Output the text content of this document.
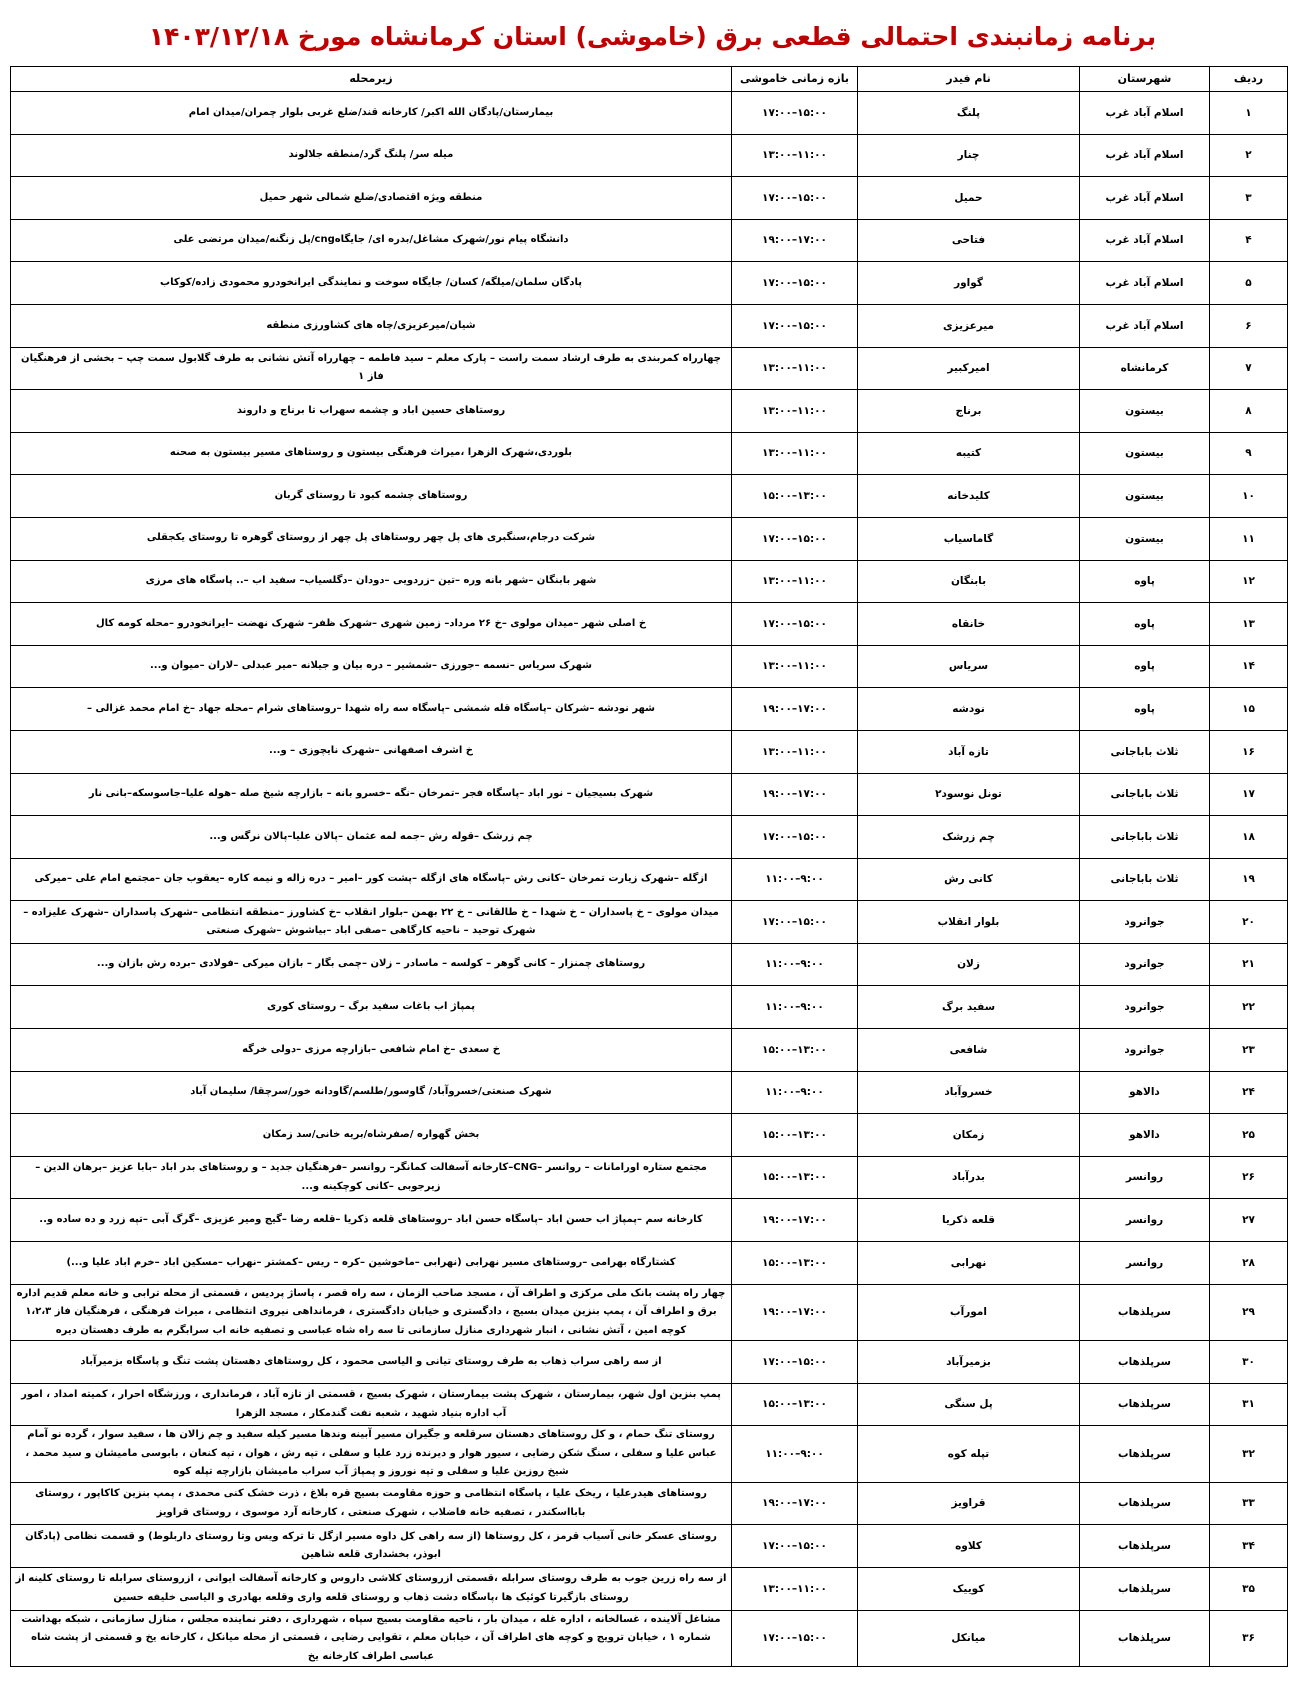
برنامه زمانبندی احتمالی قطعی برق (خاموشی) استان کرمانشاه مورخ ۱۴۰۳/۱۲/۱۸
ردیف	شهرستان	نام فیدر	بازه زمانی خاموشی	زیرمحله
۱	اسلام آباد غرب	پلنگ	۱۵:۰۰–۱۷:۰۰	بیمارستان/پادگان الله اکبر/ کارخانه قند/ضلع غربی بلوار چمران/میدان امام
۲	اسلام آباد غرب	چنار	۱۱:۰۰–۱۳:۰۰	میله سر/ پلنگ گرد/منطقه جلالوند
۳	اسلام آباد غرب	حمیل	۱۵:۰۰–۱۷:۰۰	منطقه ویژه اقتصادی/ضلع شمالی شهر حمیل
۴	اسلام آباد غرب	فتاحی	۱۷:۰۰–۱۹:۰۰	دانشگاه پیام نور/شهرک مشاغل/بدره ای/ جایگاهcng/پل زنگنه/میدان مرتضی علی
۵	اسلام آباد غرب	گواور	۱۵:۰۰–۱۷:۰۰	پادگان سلمان/میلگه/ کسان/ جایگاه سوخت و نمایندگی ایرانخودرو محمودی زاده/کوکاب
۶	اسلام آباد غرب	میرعزیزی	۱۵:۰۰–۱۷:۰۰	شیان/میرعزیزی/چاه های کشاورزی منطقه
۷	کرمانشاه	امیرکبیر	۱۱:۰۰–۱۳:۰۰	چهارراه کمربندی به طرف ارشاد سمت راست – پارک معلم – سید فاطمه – چهارراه آتش نشانی به طرف گلابول سمت چپ – بخشی از فرهنگیان فاز ۱
۸	بیستون	برناج	۱۱:۰۰–۱۳:۰۰	روستاهای حسین اباد و چشمه سهراب تا برناج و داروند
۹	بیستون	کتیبه	۱۱:۰۰–۱۳:۰۰	بلوردی،شهرک الزهرا ،میراث فرهنگی بیستون و روستاهای مسیر بیستون به صحنه
۱۰	بیستون	کلیدخانه	۱۳:۰۰–۱۵:۰۰	روستاهای چشمه کبود تا روستای گربان
۱۱	بیستون	گاماسیاب	۱۵:۰۰–۱۷:۰۰	شرکت درجام،سنگبری های پل چهر روستاهای پل چهر از روستای گوهره تا روستای یکجقلی
۱۲	پاوه	بابنگان	۱۱:۰۰–۱۳:۰۰	شهر بابنگان –شهر بانه وره –تین –زردویی –دودان –دگلسیاب– سفید اب –.. پاسگاه های مرزی
۱۳	پاوه	خانقاه	۱۵:۰۰–۱۷:۰۰	خ اصلی شهر –میدان مولوی –خ ۲۶ مرداد– زمین شهری –شهرک ظفر– شهرک نهضت –ایرانخودرو –محله کومه کال
۱۴	پاوه	سریاس	۱۱:۰۰–۱۳:۰۰	شهرک سریاس –نسمه –جورزی –شمشیر – دره بیان و جیلانه –میر عبدلی –لاران –میوان و...
۱۵	پاوه	نودشه	۱۷:۰۰–۱۹:۰۰	شهر نودشه –شرکان –پاسگاه قله شمشی –پاسگاه سه راه شهدا –روستاهای شرام –محله جهاد –خ امام محمد غزالی –
۱۶	ثلاث باباجانی	تازه آباد	۱۱:۰۰–۱۳:۰۰	خ اشرف اصفهانی –شهرک نایچوزی – و...
۱۷	ثلاث باباجانی	تونل نوسود۲	۱۷:۰۰–۱۹:۰۰	شهرک بسیجیان – نور اباد –پاسگاه فجر –تمرخان –نگه –خسرو بانه – بازارچه شیخ صله –هوله علیا–جاسوسکه–بانی نار
۱۸	ثلاث باباجانی	چم زرشک	۱۵:۰۰–۱۷:۰۰	چم زرشک –قوله رش –جمه لمه عثمان –پالان علیا–پالان نرگس و...
۱۹	ثلاث باباجانی	کانی رش	۹:۰۰–۱۱:۰۰	ازگله –شهرک زیارت تمرخان –کانی رش –پاسگاه های ازگله –پشت کور –امیر – دره زاله و نیمه کاره –یعقوب جان –مجتمع امام علی –میرکی
۲۰	جوانرود	بلوار انقلاب	۱۵:۰۰–۱۷:۰۰	میدان مولوی – خ پاسداران – خ شهدا – خ طالقانی – خ ۲۲ بهمن –بلوار انقلاب –خ کشاورز –منطقه انتظامی –شهرک پاسداران –شهرک علیزاده –شهرک توحید – ناحیه کارگاهی –صفی اباد –بیاشوش –شهرک صنعتی
۲۱	جوانرود	زلان	۹:۰۰–۱۱:۰۰	روستاهای چمنزار – کانی گوهر – کولسه – ماسادر – زلان –چمی بگار – بازان میرکی –فولادی –برده رش بازان و...
۲۲	جوانرود	سفید برگ	۹:۰۰–۱۱:۰۰	پمپاژ اب باغات سفید برگ – روستای کوری
۲۳	جوانرود	شافعی	۱۳:۰۰–۱۵:۰۰	خ سعدی –خ امام شافعی –بازارچه مرزی –دولی خرگه
۲۴	دالاهو	خسروآباد	۹:۰۰–۱۱:۰۰	شهرک صنعتی/خسروآباد/ گاوسور/طلسم/گاودانه خور/سرچقا/ سلیمان آباد
۲۵	دالاهو	زمکان	۱۳:۰۰–۱۵:۰۰	بخش گهواره /صفرشاه/بریه خانی/سد زمکان
۲۶	روانسر	بدرآباد	۱۳:۰۰–۱۵:۰۰	مجتمع ستاره اورامانات – روانسر –CNG–کارخانه آسفالت کمانگر– روانسر –فرهنگیان جدید – و روستاهای بدر اباد –بابا عزیز –برهان الدین –زیرجوبی –کانی کوچکینه و...
۲۷	روانسر	قلعه ذکریا	۱۷:۰۰–۱۹:۰۰	کارخانه سم –پمپاژ اب حسن اباد –پاسگاه حسن اباد –روستاهای قلعه ذکریا –قلعه رضا –گیج ومیر عزیزی –گرگ آبی –تپه زرد و ده ساده و..
۲۸	روانسر	نهرابی	۱۳:۰۰–۱۵:۰۰	کشتارگاه بهرامی –روستاهای مسیر نهرابی (نهرابی –ماخوشین –کره – ریس –کمشتر –نهراب –مسکین اباد –خرم اباد علیا و...)
۲۹	سرپلذهاب	امورآب	۱۷:۰۰–۱۹:۰۰	چهار راه پشت بانک ملی مرکزی و اطراف آن ، مسجد صاحب الزمان ، سه راه قصر ، پاساژ پردیس ، قسمتی از محله ترابی و خانه معلم قدیم اداره برق و اطراف آن ، پمپ بنزین میدان بسیج ، دادگستری و خیابان دادگستری ، فرمانداهی نیروی انتظامی ، میراث فرهنگی ، فرهنگیان فاز ۱،۲،۳ کوچه امین ، آتش نشانی ، انبار شهرداری منازل سازمانی تا سه راه شاه عباسی و تصفیه خانه اب سرابگرم به طرف دهستان دیره
۳۰	سرپلذهاب	بزمیرآباد	۱۵:۰۰–۱۷:۰۰	از سه راهی سراب ذهاب به طرف روستای تیانی و الیاسی محمود ، کل روستاهای دهستان پشت تنگ و پاسگاه بزمیرآباد
۳۱	سرپلذهاب	پل سنگی	۱۳:۰۰–۱۵:۰۰	پمپ بنزین اول شهر، بیمارستان ، شهرک پشت بیمارستان ، شهرک بسیج ، قسمتی از تازه آباد ، فرمانداری ، ورزشگاه احرار ، کمیته امداد ، امور آب اداره بنیاد شهید ، شعبه نفت گندمکار ، مسجد الزهرا
۳۲	سرپلذهاب	تپله کوه	۹:۰۰–۱۱:۰۰	روستای تنگ حمام ، و کل روستاهای دهستان سرقلعه و جگیران مسیر آبینه وندها مسیر کیله سفید و چم زالان ها ، سفید سوار ، گرده نو آمام عباس علیا و سفلی ، سنگ شکن رضایی ، سیور هوار و دیرنده زرد علیا و سفلی ، تپه رش ، هوان ، تپه کنعان ، بابوسی مامیشان و سید محمد ، شیخ روزین علیا و سفلی و تپه نوروز و پمپاژ آب سراب مامیشان بازارچه تپله کوه
۳۳	سرپلذهاب	قراویز	۱۷:۰۰–۱۹:۰۰	روستاهای هیدرعلیا ، ریخک علیا ، پاسگاه انتظامی و حوزه مقاومت بسیج قره بلاغ ، ذرت خشک کنی محمدی ، پمپ بنزین کاکاپور ، روستای بابااسکندر ، تصفیه خانه فاضلاب ، شهرک صنعتی ، کارخانه آرد موسوی ، روستای قراویز
۳۴	سرپلذهاب	کلاوه	۱۵:۰۰–۱۷:۰۰	روستای عسکر خانی آسیاب قرمز ، کل روستاها (از سه راهی کل داوه مسیر ازگل تا ترکه ویس وتا روستای داربلوط) و قسمت نظامی (پادگان ابوذر، بخشداری قلعه شاهین
۳۵	سرپلذهاب	کوییک	۱۱:۰۰–۱۳:۰۰	از سه راه زرین جوب به طرف روستای سرابله ،قسمتی ازروستای کلاشی داروس و کارخانه آسفالت ایوانی ، ازروستای سرابله تا روستای کلینه از روستای بازگیرتا کوئیک ها ،پاسگاه دشت ذهاب و روستای قلعه واری وقلعه بهادری و الیاسی خلیفه حسین
۳۶	سرپلذهاب	میانکل	۱۵:۰۰–۱۷:۰۰	مشاغل آلاینده ، غسالخانه ، اداره غله ، میدان بار ، ناحیه مقاومت بسیج سپاه ، شهرداری ، دفتر نماینده مجلس ، منازل سازمانی ، شبکه بهداشت شماره ۱ ، خیابان ترویج و کوچه های اطراف آن ، خیابان معلم ، تقوایی رضایی ، قسمتی از محله میانکل ، کارخانه یخ و قسمتی از پشت شاه عباسی اطراف کارخانه یخ
